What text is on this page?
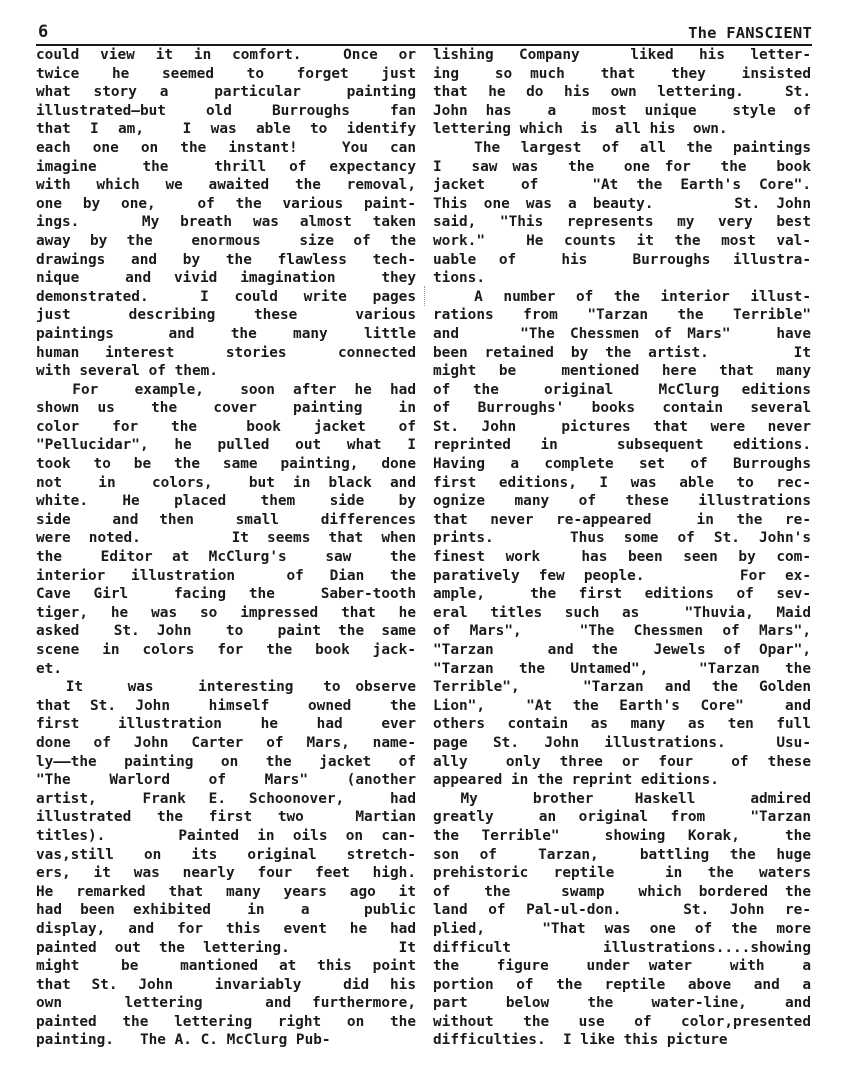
6	The FANSCIENT
could view it in comfort.  Once or
twice  he  seemed  to  forget  just
what story a  particular  painting
illustrated—but old Burroughs fan
that I am,  I was able to identify
each one on the instant!  You can
imagine  the  thrill of expectancy
with which we awaited the removal,
one by one,  of the various paint-
ings.   My breath was almost taken
away by the  enormous  size of the
drawings and by the flawless tech-
nique  and vivid imagination  they
demonstrated.  I could write pages
just   describing  these   various
paintings   and  the  many  little
human interest  stories  connected
with several of them.
For  example,  soon after he had
shown us  the  cover  painting  in
color  for  the   book  jacket  of
"Pellucidar", he pulled out what I
took to be the same painting, done
not  in  colors,  but in black and
white.  He  placed  them  side  by
side  and then  small  differences
were noted.     It seems that when
the  Editor at McClurg's  saw  the
interior illustration  of Dian the
Cave Girl  facing the  Saber-tooth
tiger, he was so impressed that he
asked  St. John  to  paint the same
scene in colors for the book jack-
et.
It   was   interesting  to observe
that St. John  himself  owned  the
first  illustration  he  had  ever
done of John Carter of Mars, name-
ly——the painting on the jacket of
"The  Warlord  of  Mars"  (another
artist,  Frank E. Schoonover,  had
illustrated the first two  Martian
titles).    Painted in oils on can-
vas,still on its original stretch-
ers, it was nearly four feet high.
He remarked that many years ago it
had been exhibited  in  a   public
display, and for this event he had
painted out the lettering.      It
might  be  mantioned at this point
that St. John  invariably  did his
own   lettering   and furthermore,
painted the lettering right on the
painting.   The A. C. McClurg Pub-
lishing Company  liked his letter-
ing  so much  that  they  insisted
that he do his own lettering.  St.
John has  a  most unique  style of
lettering which  is  all his  own.
The largest of all the paintings
I  saw was  the  one for  the  book
jacket  of   "At the Earth's Core".
This one was a beauty.     St. John
said, "This represents my very best
work."  He counts it the most val-
uable of  his  Burroughs illustra-
tions.
A number of the interior illust-
rations from "Tarzan the Terrible"
and    "The Chessmen of Mars"   have
been retained by the artist.     It
might be  mentioned here that many
of the  original  McClurg editions
of Burroughs' books contain several
St. John  pictures that were never
reprinted in  subsequent editions.
Having a complete set of Burroughs
first editions, I was able to rec-
ognize many of these illustrations
that never re-appeared  in the re-
prints.    Thus some of St. John's
finest work  has been seen by com-
paratively few people.     For ex-
ample,  the first editions of sev-
eral titles such as  "Thuvia, Maid
of Mars",   "The Chessmen of Mars",
"Tarzan   and the  Jewels of Opar",
"Tarzan the Untamed",  "Tarzan the
Terrible",   "Tarzan and the Golden
Lion",  "At the Earth's Core"  and
others contain as many as ten full
page St. John illustrations.  Usu-
ally  only three or four  of these
appeared in the reprint editions.
My    brother   Haskell    admired
greatly  an original from  "Tarzan
the Terrible"  showing Korak,  the
son of  Tarzan,  battling the huge
prehistoric reptile  in the waters
of  the   swamp  which bordered the
land of Pal-ul-don.   St. John re-
plied,   "That was one of the more
difficult illustrations....showing
the  figure  under water  with  a
portion of the reptile above and a
part  below  the  water-line,  and
without the use of color,presented
difficulties.  I like this picture
